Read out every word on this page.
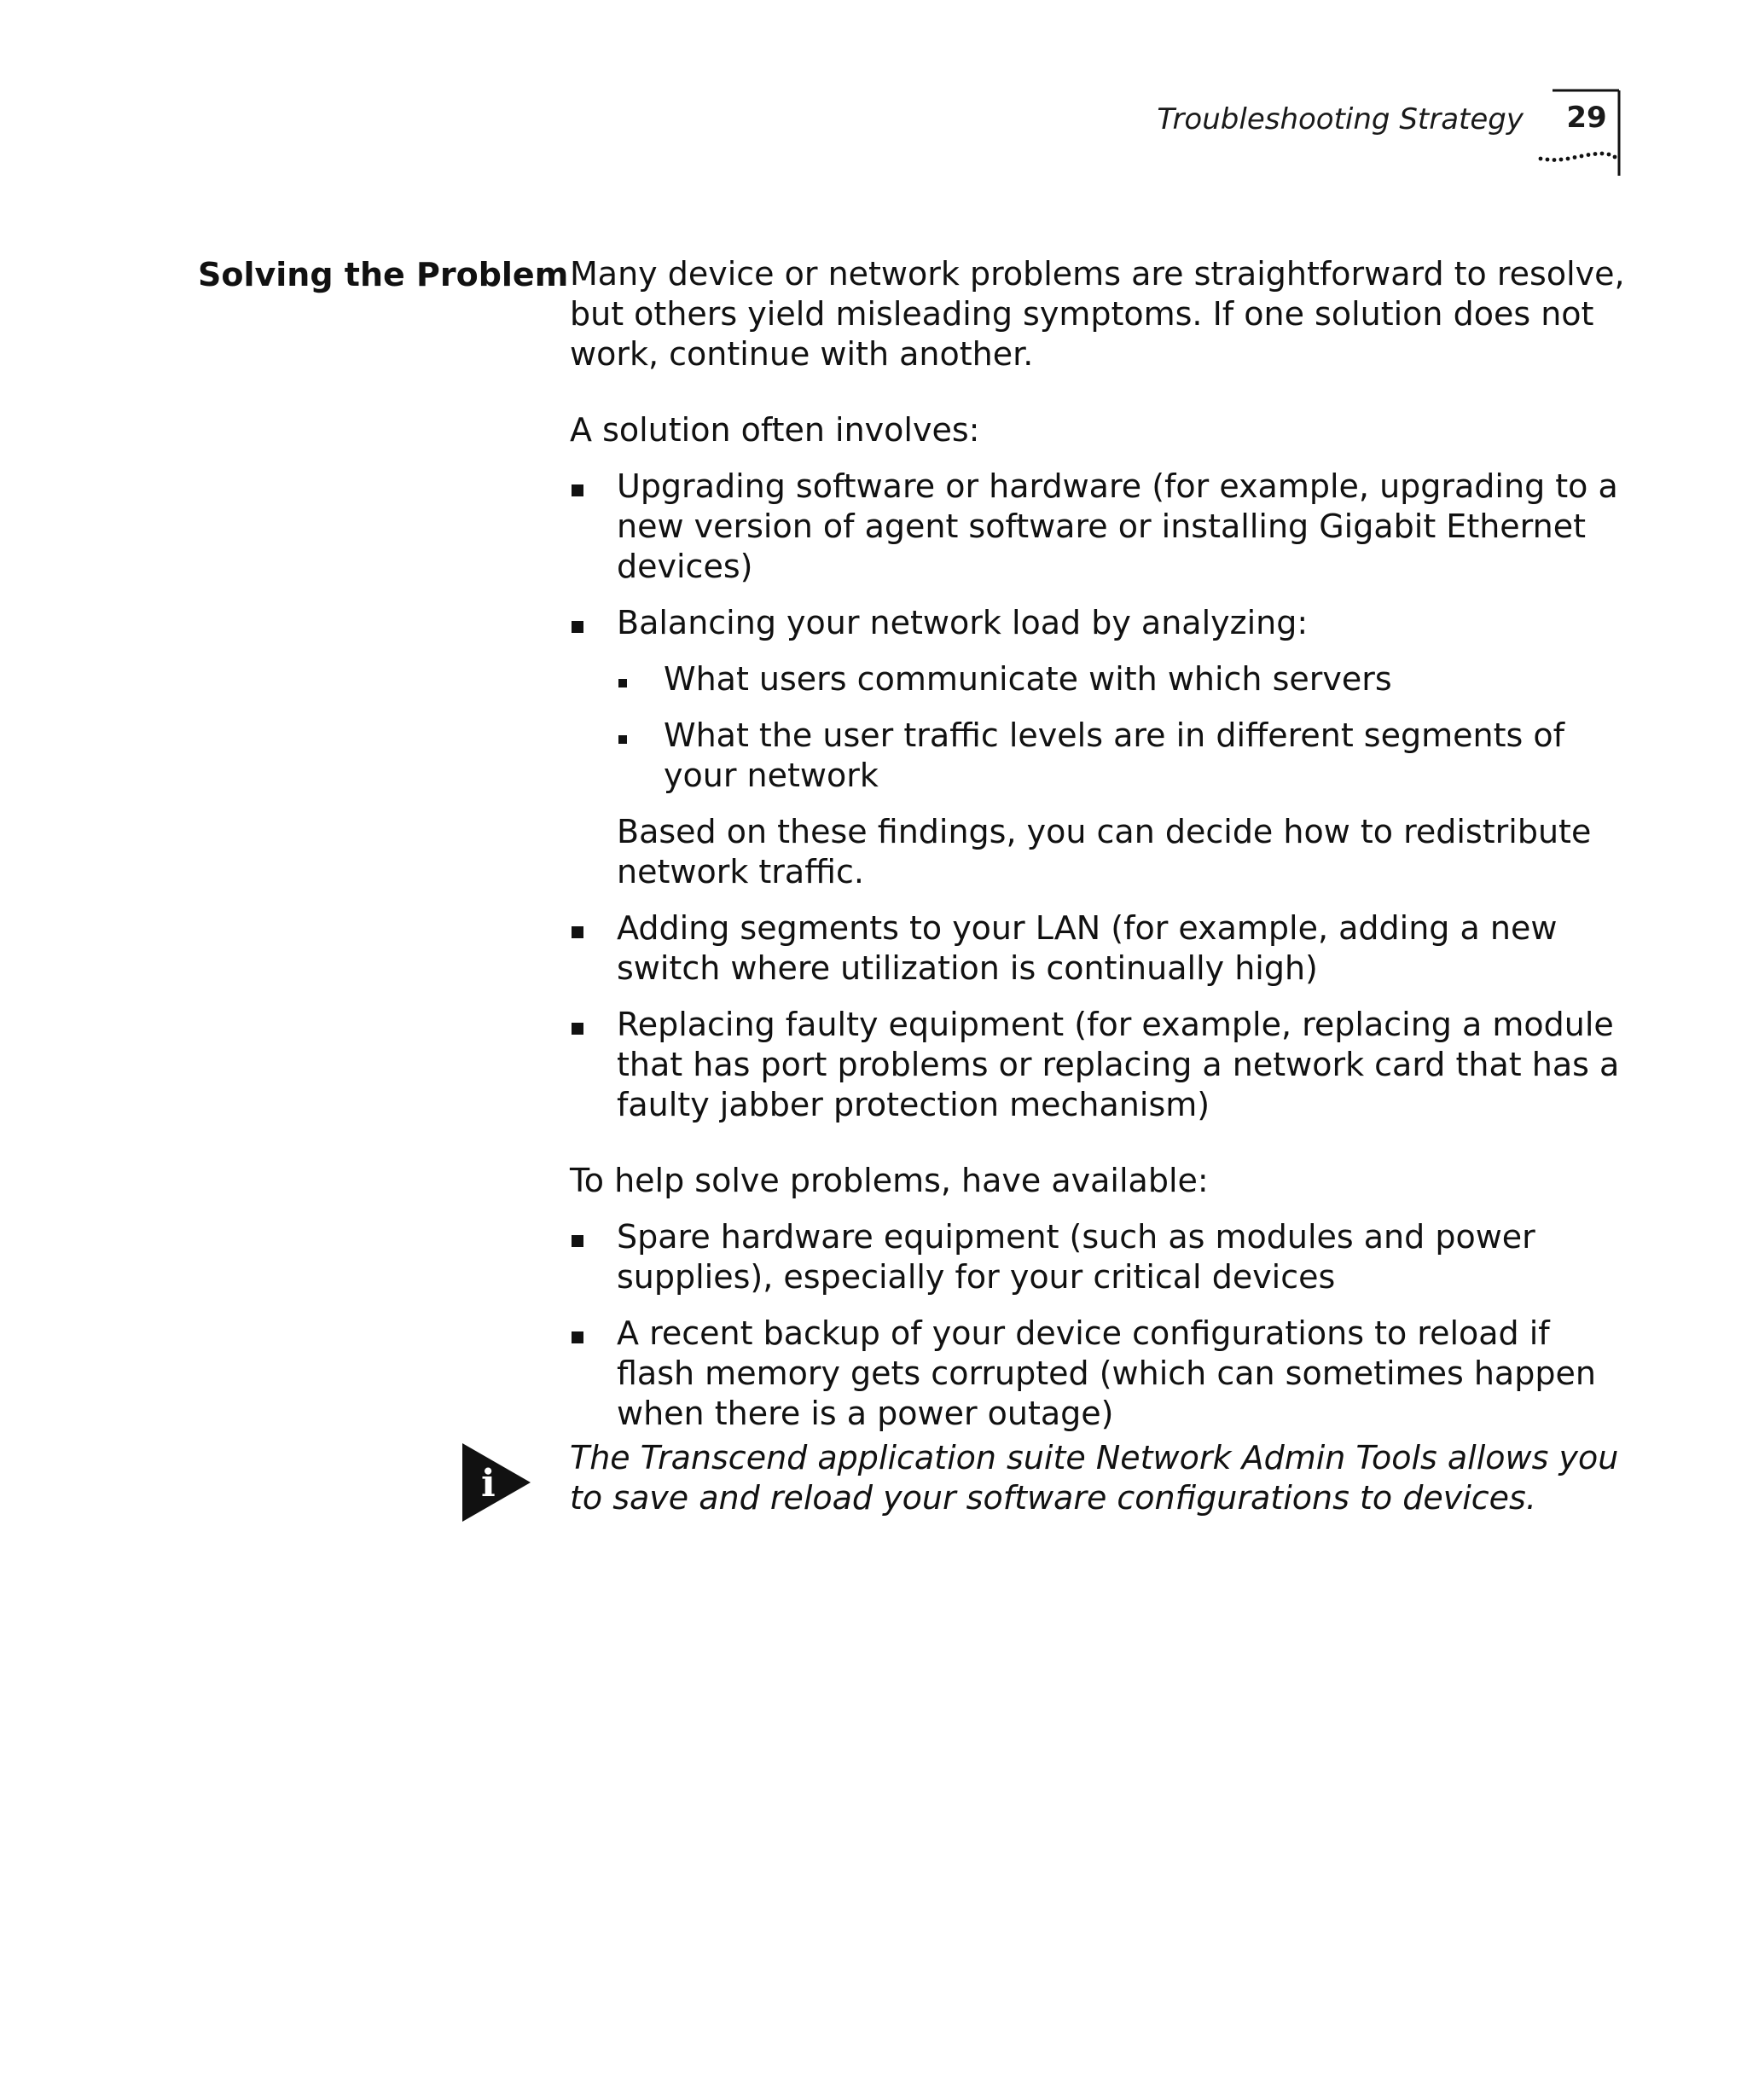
Troubleshooting Strategy 29
Solving the Problem Many device or network problems are straightforward to resolve, but others yield misleading symptoms. If one solution does not work, continue with another.

A solution often involves:

Upgrading software or hardware (for example, upgrading to a new version of agent software or installing Gigabit Ethernet devices)
Balancing your network load by analyzing:
What users communicate with which servers
What the user traffic levels are in different segments of your network
Based on these findings, you can decide how to redistribute network traffic.
Adding segments to your LAN (for example, adding a new switch where utilization is continually high)
Replacing faulty equipment (for example, replacing a module that has port problems or replacing a network card that has a faulty jabber protection mechanism)

To help solve problems, have available:

Spare hardware equipment (such as modules and power supplies), especially for your critical devices
A recent backup of your device configurations to reload if flash memory gets corrupted (which can sometimes happen when there is a power outage)
i
The Transcend application suite Network Admin Tools allows you to save and reload your software configurations to devices.
